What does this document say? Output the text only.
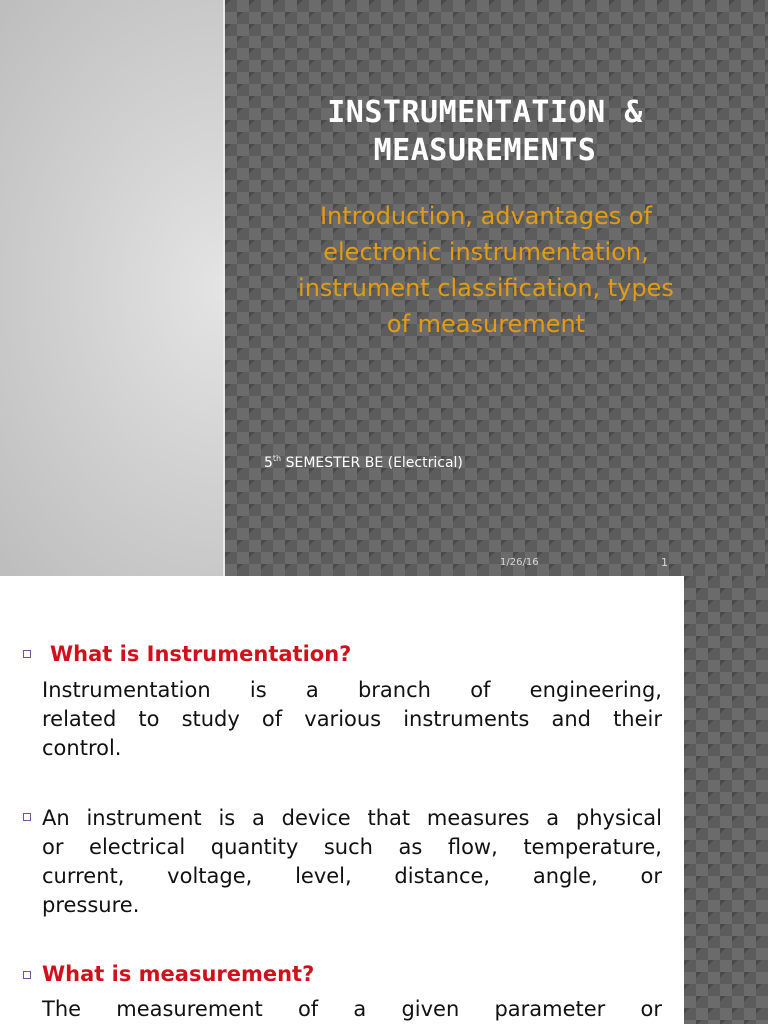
INSTRUMENTATION &
MEASUREMENTS
Introduction, advantages of
electronic instrumentation,
instrument classification, types
of measurement
5th SEMESTER BE (Electrical)
1/26/16	1
What is Instrumentation?
Instrumentation is a branch of engineering,
related to study of various instruments and their
control.
An instrument is a device that measures a physical
or electrical quantity such as flow, temperature,
current, voltage, level, distance, angle, or
pressure.
What is measurement?
The measurement of a given parameter or
